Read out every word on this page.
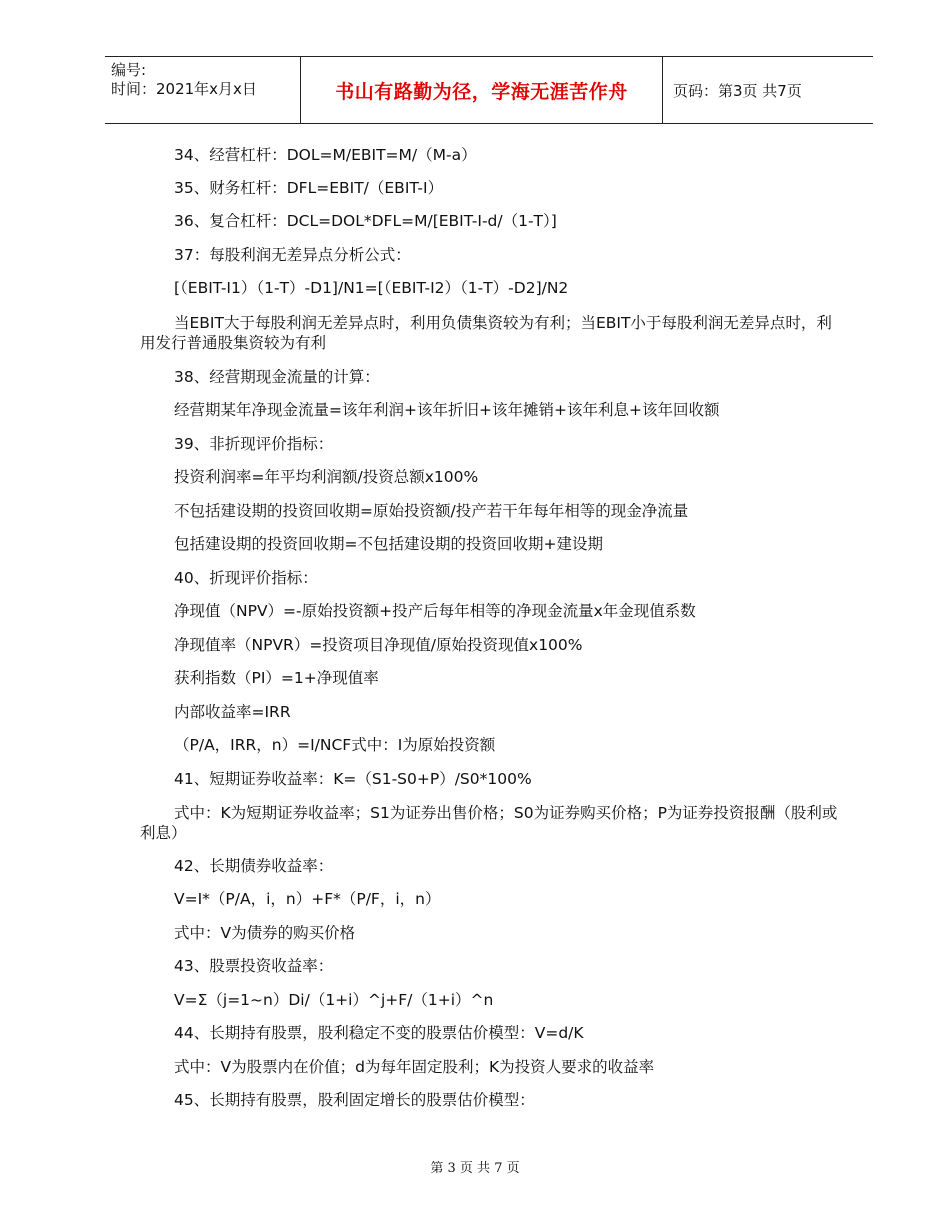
编号:
时间：2021年x月x日	书山有路勤为径，学海无涯苦作舟	页码：第3页 共7页
34、经营杠杆：DOL=M/EBIT=M/（M-a）
35、财务杠杆：DFL=EBIT/（EBIT-I）
36、复合杠杆：DCL=DOL*DFL=M/[EBIT-I-d/（1-T）]
37：每股利润无差异点分析公式：
[（EBIT-I1）（1-T）-D1]/N1=[（EBIT-I2）（1-T）-D2]/N2
当EBIT大于每股利润无差异点时，利用负债集资较为有利；当EBIT小于每股利润无差异点时，利用发行普通股集资较为有利
38、经营期现金流量的计算：
经营期某年净现金流量=该年利润+该年折旧+该年摊销+该年利息+该年回收额
39、非折现评价指标：
投资利润率=年平均利润额/投资总额x100%
不包括建设期的投资回收期=原始投资额/投产若干年每年相等的现金净流量
包括建设期的投资回收期=不包括建设期的投资回收期+建设期
40、折现评价指标：
净现值（NPV）=-原始投资额+投产后每年相等的净现金流量x年金现值系数
净现值率（NPVR）=投资项目净现值/原始投资现值x100%
获利指数（PI）=1+净现值率
内部收益率=IRR
（P/A，IRR，n）=I/NCF式中：I为原始投资额
41、短期证券收益率：K=（S1-S0+P）/S0*100%
式中：K为短期证券收益率；S1为证券出售价格；S0为证券购买价格；P为证券投资报酬（股利或利息）
42、长期债券收益率：
V=I*（P/A，i，n）+F*（P/F，i，n）
式中：V为债券的购买价格
43、股票投资收益率：
V=Σ（j=1~n）Di/（1+i）^j+F/（1+i）^n
44、长期持有股票，股利稳定不变的股票估价模型：V=d/K
式中：V为股票内在价值；d为每年固定股利；K为投资人要求的收益率
45、长期持有股票，股利固定增长的股票估价模型：
第 3 页 共 7 页
